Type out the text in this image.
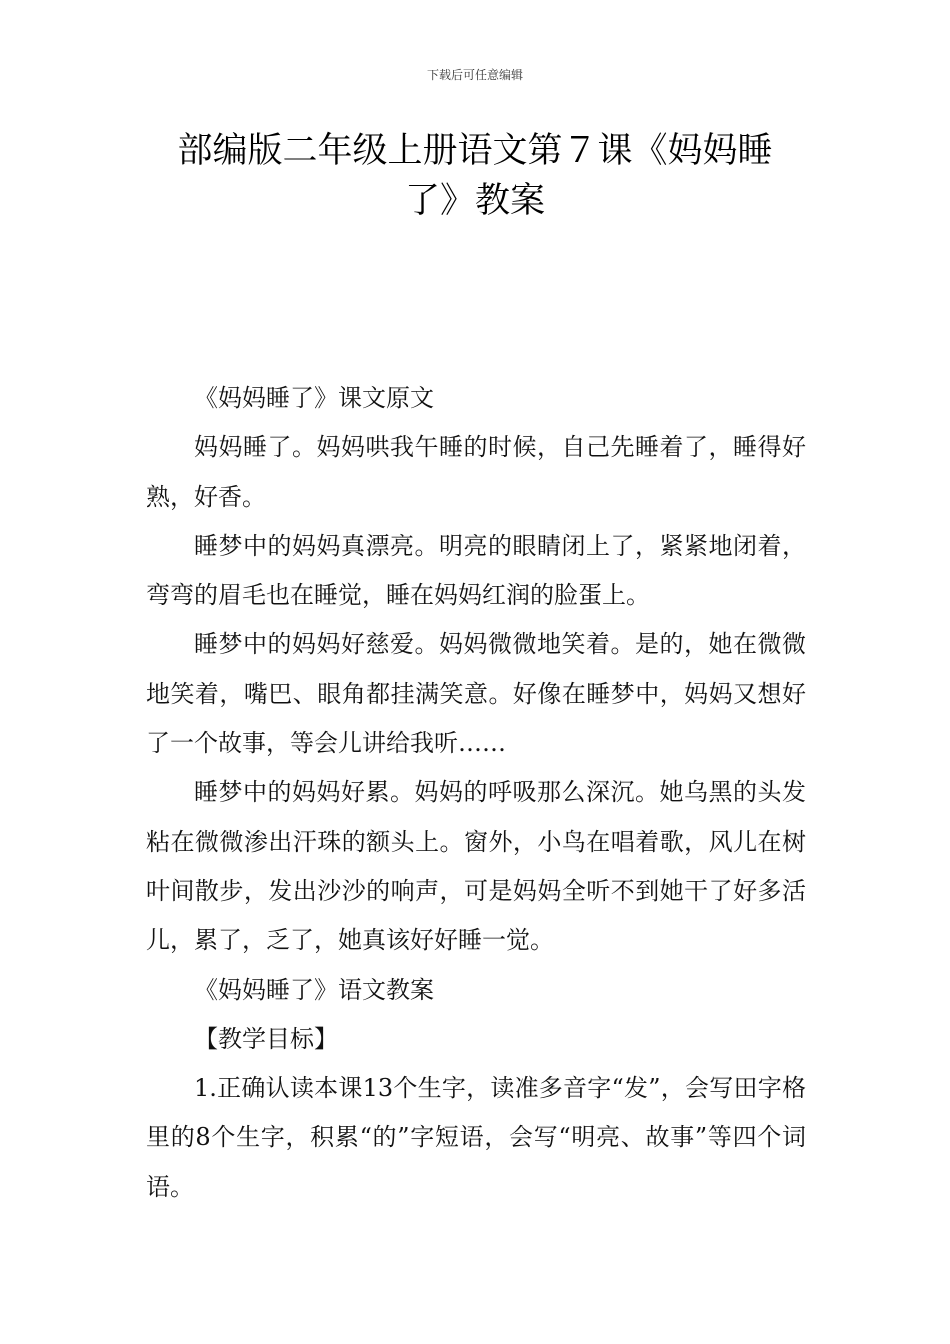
下载后可任意编辑
部编版二年级上册语文第７课《妈妈睡
了》教案

《妈妈睡了》课文原文

妈妈睡了。妈妈哄我午睡的时候，自己先睡着了，睡得好熟，好香。

睡梦中的妈妈真漂亮。明亮的眼睛闭上了，紧紧地闭着，弯弯的眉毛也在睡觉，睡在妈妈红润的脸蛋上。

睡梦中的妈妈好慈爱。妈妈微微地笑着。是的，她在微微地笑着，嘴巴、眼角都挂满笑意。好像在睡梦中，妈妈又想好了一个故事，等会儿讲给我听……

睡梦中的妈妈好累。妈妈的呼吸那么深沉。她乌黑的头发粘在微微渗出汗珠的额头上。窗外，小鸟在唱着歌，风儿在树叶间散步，发出沙沙的响声，可是妈妈全听不到她干了好多活儿，累了，乏了，她真该好好睡一觉。

《妈妈睡了》语文教案

【教学目标】

1.正确认读本课13个生字，读准多音字“发”，会写田字格里的8个生字，积累“的”字短语，会写“明亮、故事”等四个词语。
